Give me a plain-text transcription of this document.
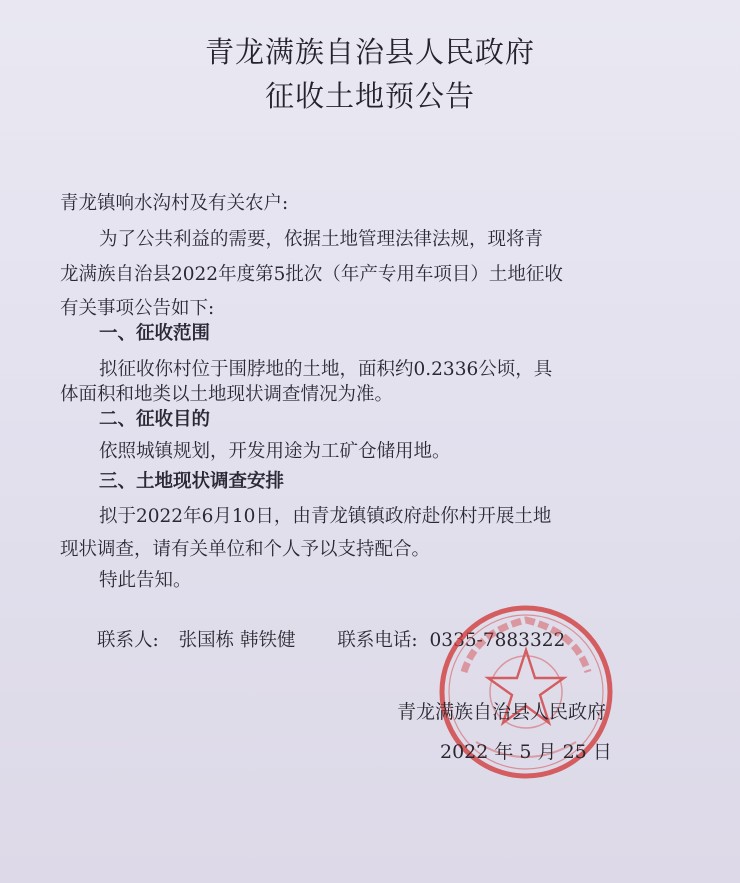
青龙满族自治县人民政府
征收土地预公告
青龙镇响水沟村及有关农户:
为了公共利益的需要，依据土地管理法律法规，现将青
龙满族自治县2022年度第5批次（年产专用车项目）土地征收
有关事项公告如下:
一、征收范围
拟征收你村位于围脖地的土地，面积约0.2336公顷，具
体面积和地类以土地现状调查情况为准。
二、征收目的
依照城镇规划，开发用途为工矿仓储用地。
三、土地现状调查安排
拟于2022年6月10日，由青龙镇镇政府赴你村开展土地
现状调查，请有关单位和个人予以支持配合。
特此告知。
联系人: 张国栋 韩铁健 联系电话: 0335-7883322
青龙满族自治县人民政府
2022 年 5 月 25 日
